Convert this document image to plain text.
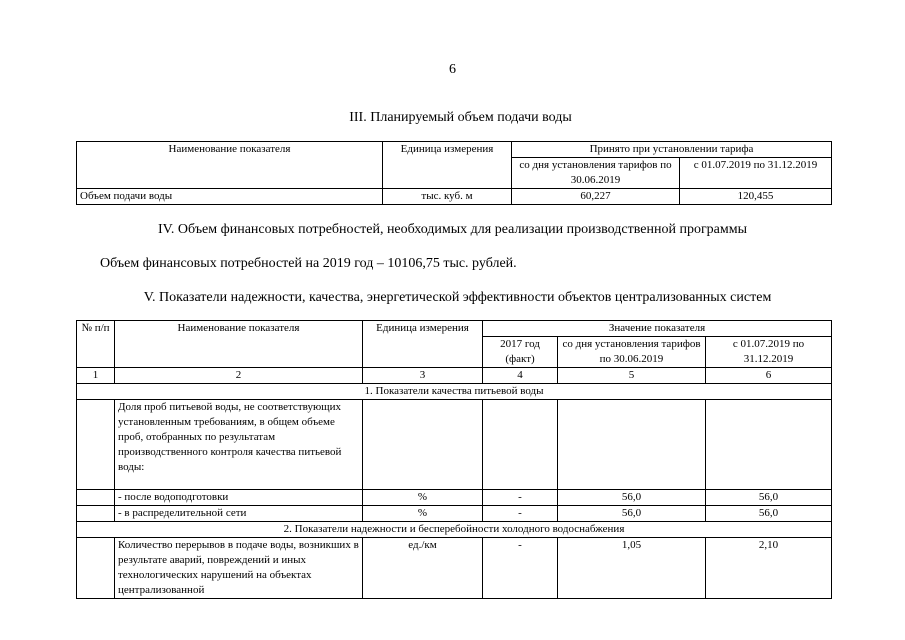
6
III. Планируемый объем подачи воды
Наименование показателя	Единица измерения	Принято при установлении тарифа	
		со дня установления тарифов по 30.06.2019	с 01.07.2019 по 31.12.2019
Объем подачи воды	тыс. куб. м	60,227	120,455
IV. Объем финансовых потребностей, необходимых для реализации производственной программы
Объем финансовых потребностей на 2019 год – 10106,75 тыс. рублей.
V. Показатели надежности, качества, энергетической эффективности объектов централизованных систем
№ п/п	Наименование показателя	Единица измерения	Значение показателя		
			2017 год (факт)	со дня установления тарифов по 30.06.2019	с 01.07.2019 по 31.12.2019
1	2	3	4	5	6
1. Показатели качества питьевой воды					
	Доля проб питьевой воды, не соответствующих установленным требованиям, в общем объеме проб, отобранных по результатам производственного контроля качества питьевой воды:				
	- после водоподготовки	%	-	56,0	56,0
	- в распределительной сети	%	-	56,0	56,0
2. Показатели надежности и бесперебойности холодного водоснабжения					
	Количество перерывов в подаче воды, возникших в результате аварий, повреждений и иных технологических нарушений на объектах централизованной	ед./км	-	1,05	2,10
